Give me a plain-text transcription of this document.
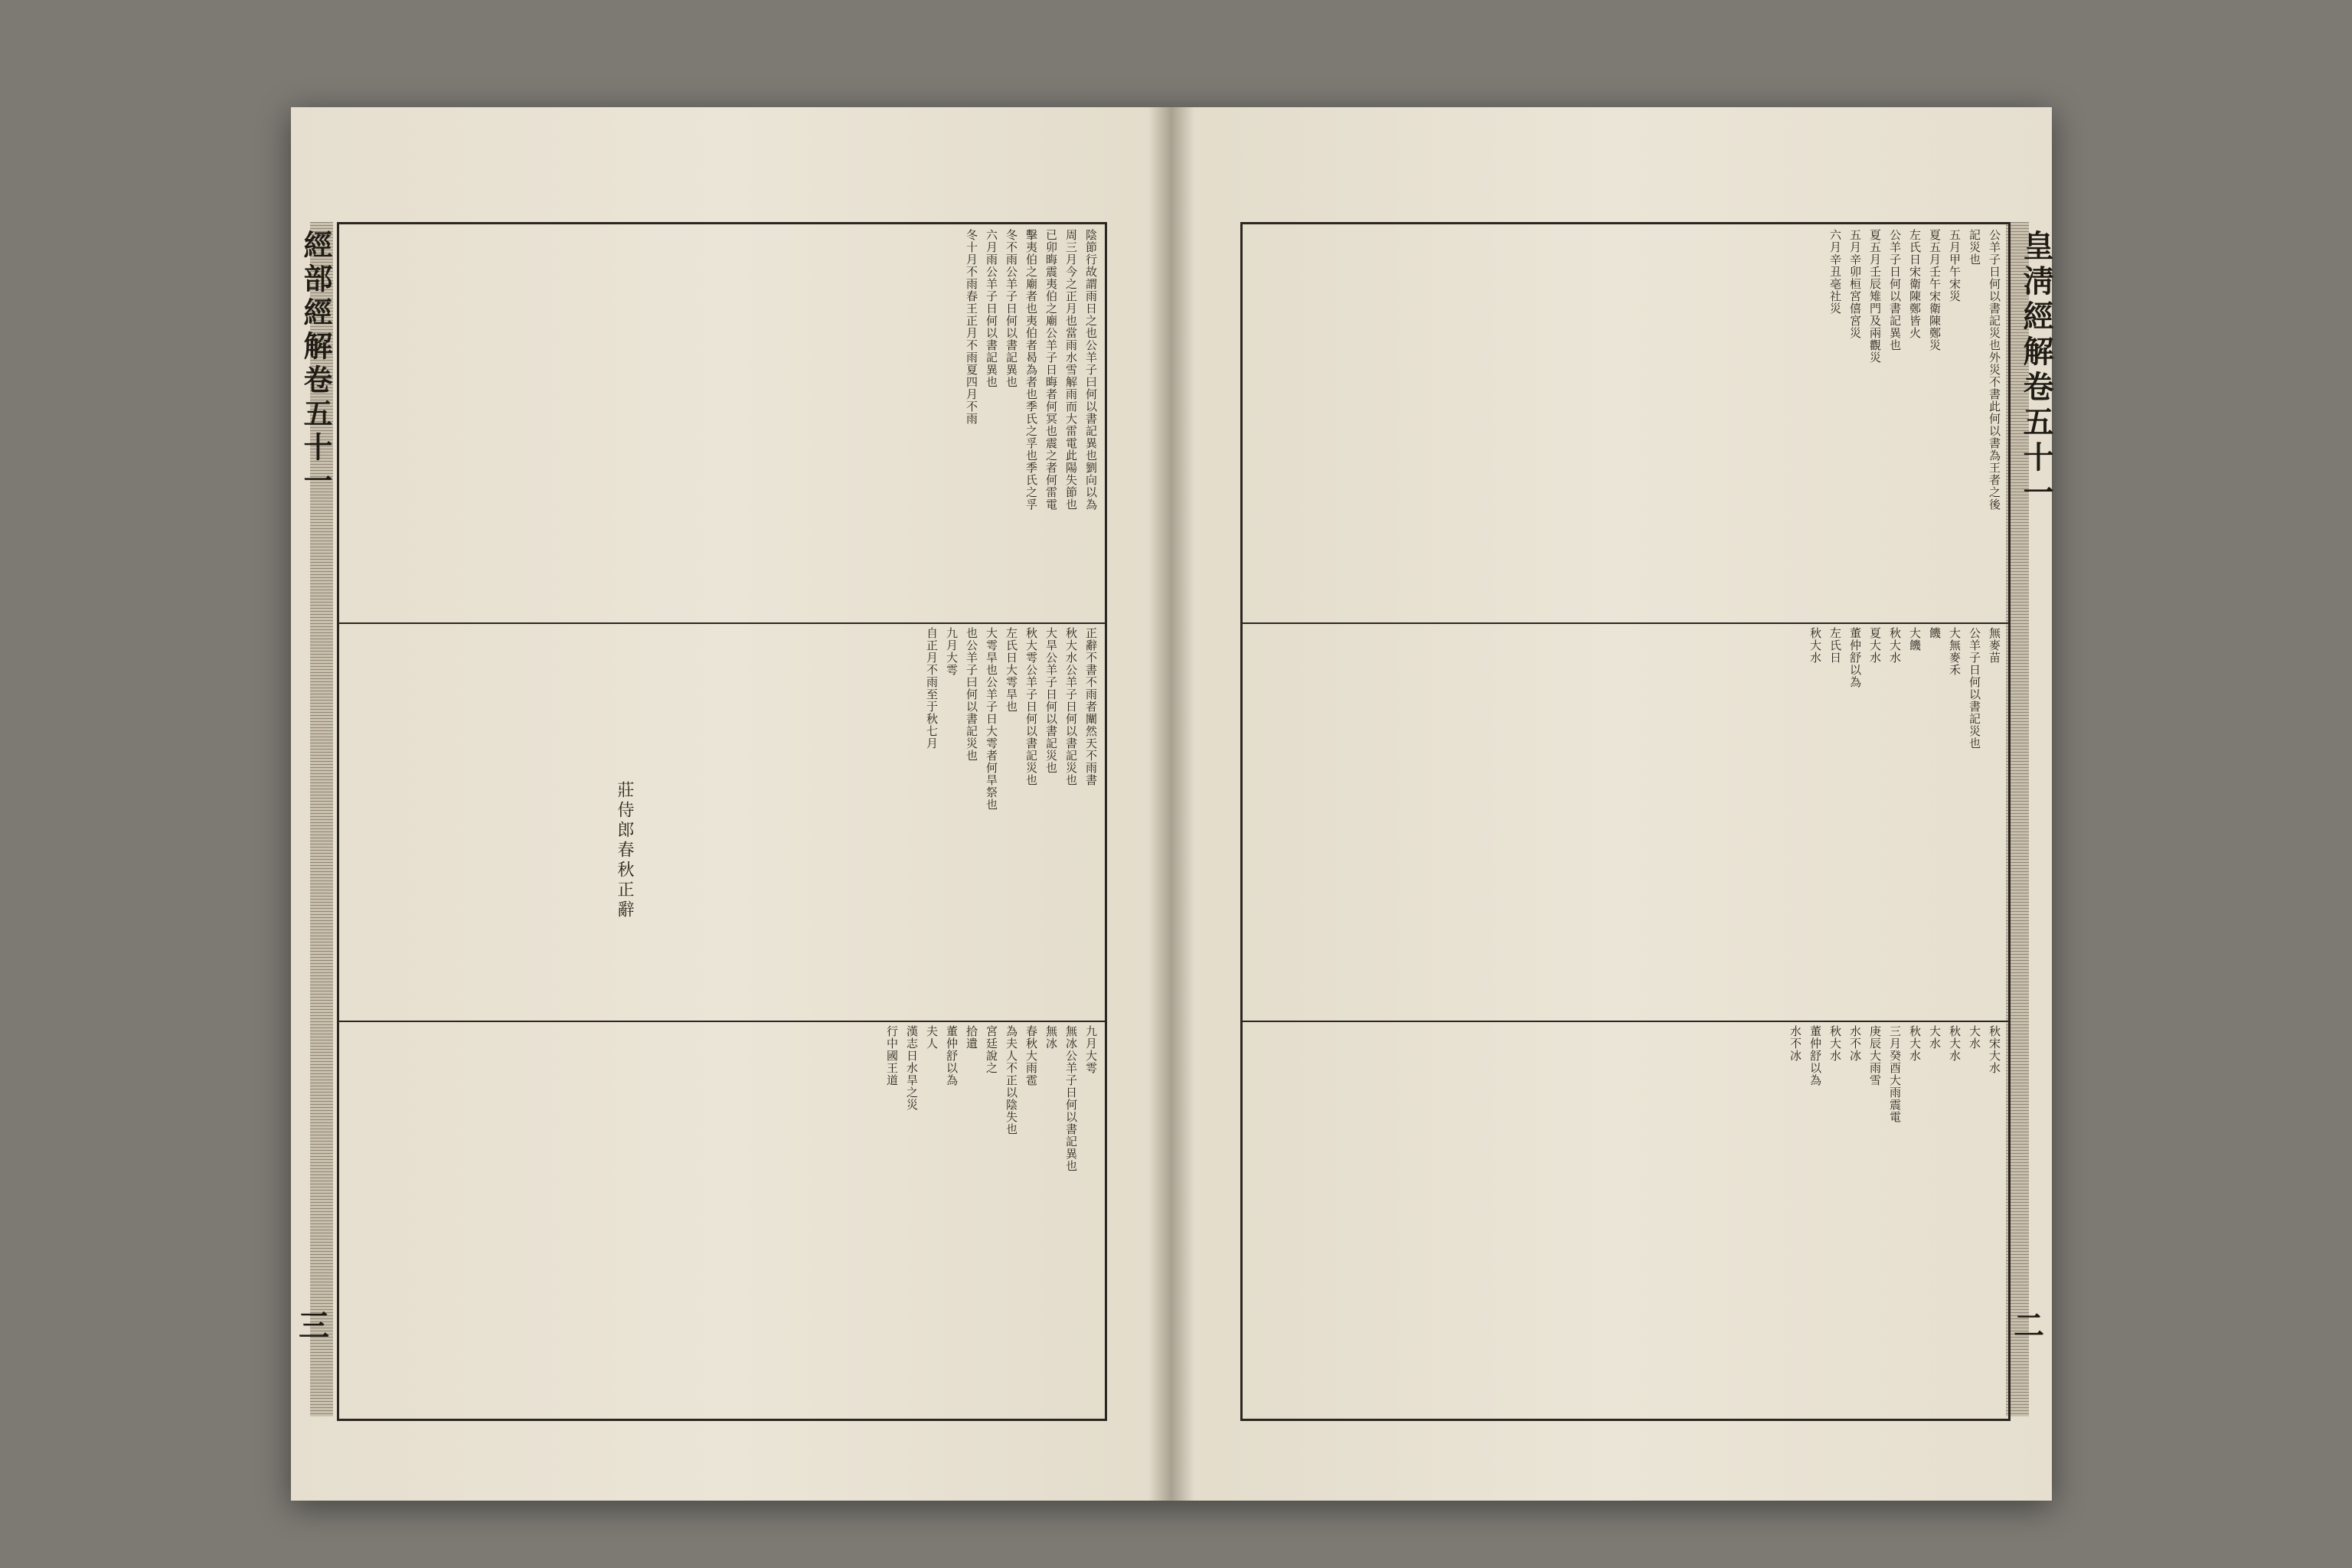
經部經解卷五十一	陰節行故謂雨日之也公羊子曰何以書記異也劉向以為
周三月今之正月也當雨水雪解雨而大雷電此陽失節也
已卯晦震夷伯之廟公羊子日晦者何冥也震之者何雷電
擊夷伯之廟者也夷伯者曷為者也季氏之孚也季氏之孚
冬不雨公羊子日何以書記異也
六月雨公羊子日何以書記異也
冬十月不雨春王正月不雨夏四月不雨
正辭不書不雨者闡然天不雨書
秋大水公羊子日何以書記災也
大旱公羊子日何以書記災也
秋大雩公羊子日何以書記災也
左氏日大雩旱也
大雩旱也公羊子日大雩者何旱祭也
也公羊子曰何以書記災也
九月大雩
自正月不雨至于秋七月
九月大雩
無冰公羊子日何以書記異也
無冰
春秋大雨雹
為夫人不正以陰失也
宮廷說之
拾遺
董仲舒以為
夫人
漢志日水旱之災
行中國王道
莊侍郎春秋正辭
三
皇淸經解卷五十一
公羊子日何以書記災也外災不書此何以書為王者之後
記災也
五月甲午宋災
夏五月壬午宋衛陳鄭災
左氏日宋衛陳鄭皆火
公羊子日何以書記異也
夏五月壬辰雉門及兩觀災
五月辛卯桓宮僖宮災
六月辛丑亳社災
無麥苗
公羊子日何以書記災也
大無麥禾
饑
大饑
秋大水
夏大水
董仲舒以為
左氏日
秋大水
秋宋大水
大水
秋大水
大水
秋大水
三月癸酉大雨震電
庚辰大雨雪
水不冰
秋大水
董仲舒以為
水不冰
二
